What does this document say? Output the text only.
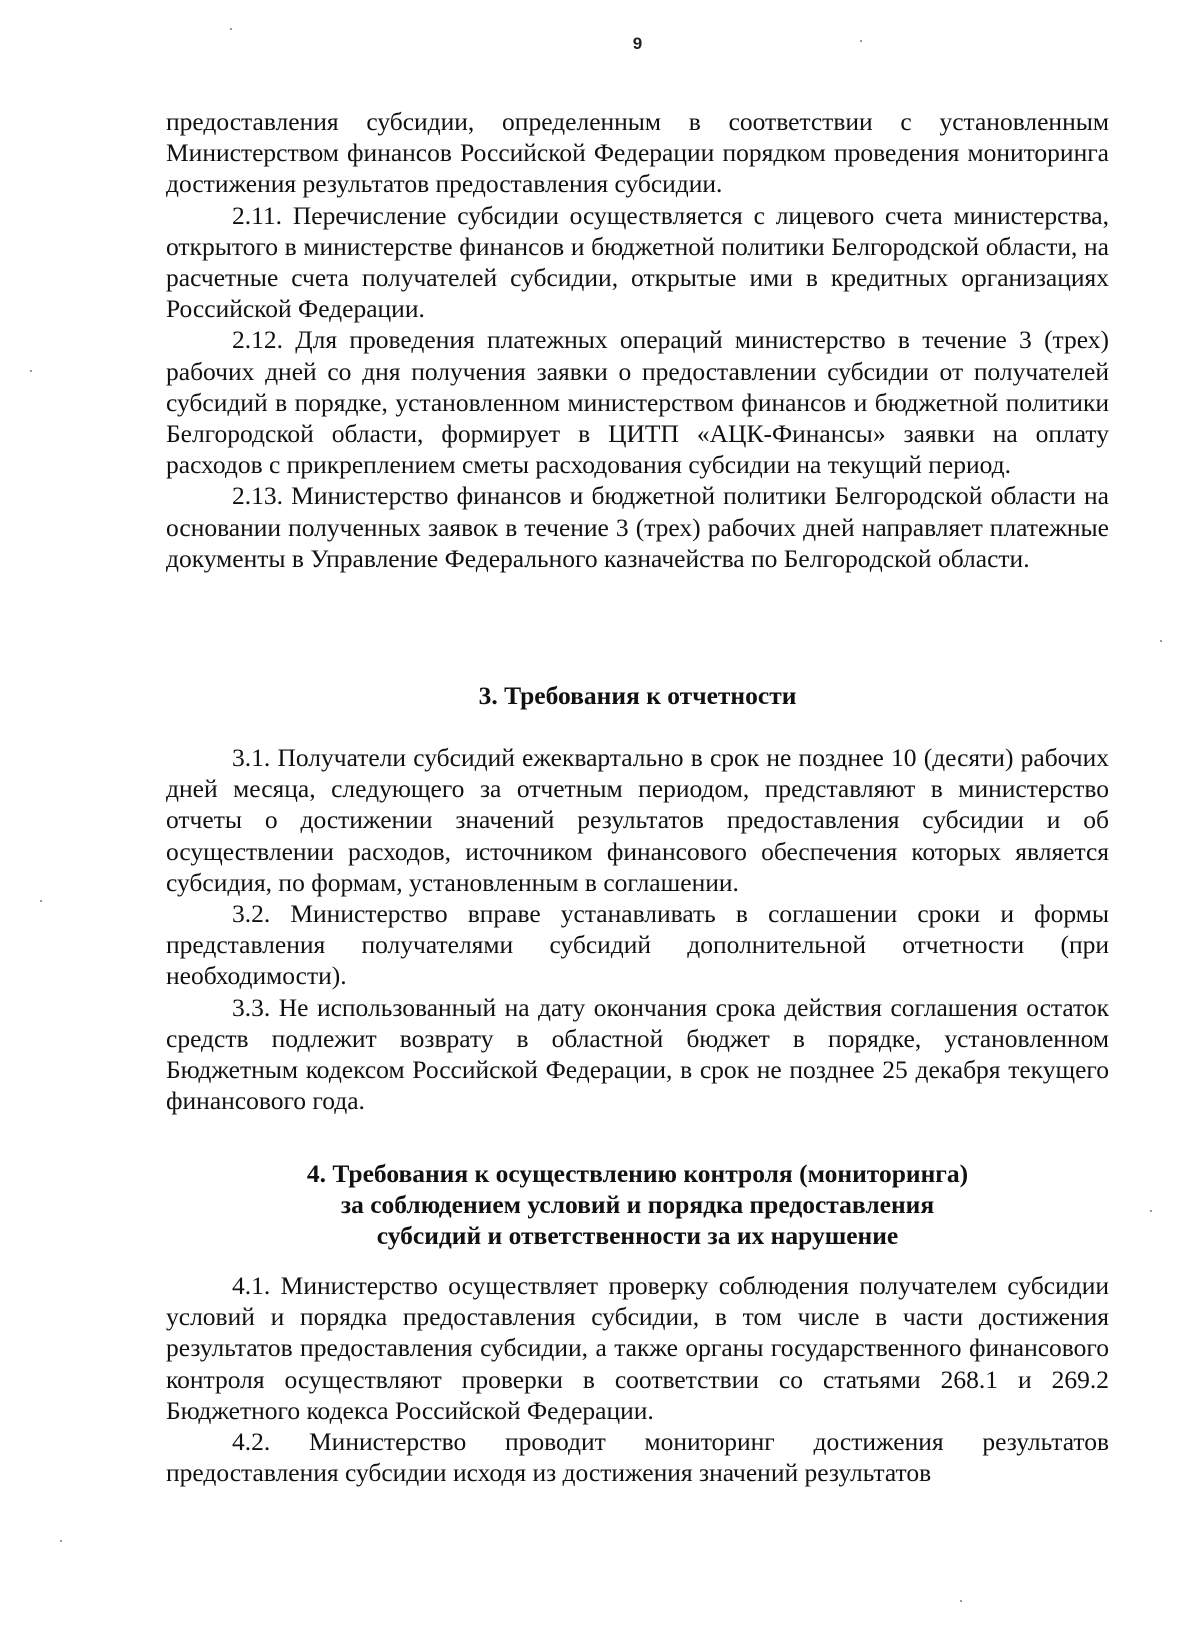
9

предоставления субсидии, определенным в соответствии с установленным Министерством финансов Российской Федерации порядком проведения мониторинга достижения результатов предоставления субсидии.

2.11. Перечисление субсидии осуществляется с лицевого счета министерства, открытого в министерстве финансов и бюджетной политики Белгородской области, на расчетные счета получателей субсидии, открытые ими в кредитных организациях Российской Федерации.

2.12. Для проведения платежных операций министерство в течение 3 (трех) рабочих дней со дня получения заявки о предоставлении субсидии от получателей субсидий в порядке, установленном министерством финансов и бюджетной политики Белгородской области, формирует в ЦИТП «АЦК-Финансы» заявки на оплату расходов с прикреплением сметы расходования субсидии на текущий период.

2.13. Министерство финансов и бюджетной политики Белгородской области на основании полученных заявок в течение 3 (трех) рабочих дней направляет платежные документы в Управление Федерального казначейства по Белгородской области.

3. Требования к отчетности

3.1. Получатели субсидий ежеквартально в срок не позднее 10 (десяти) рабочих дней месяца, следующего за отчетным периодом, представляют в министерство отчеты о достижении значений результатов предоставления субсидии и об осуществлении расходов, источником финансового обеспечения которых является субсидия, по формам, установленным в соглашении.

3.2. Министерство вправе устанавливать в соглашении сроки и формы представления получателями субсидий дополнительной отчетности (при необходимости).

3.3. Не использованный на дату окончания срока действия соглашения остаток средств подлежит возврату в областной бюджет в порядке, установленном Бюджетным кодексом Российской Федерации, в срок не позднее 25 декабря текущего финансового года.

4. Требования к осуществлению контроля (мониторинга)
за соблюдением условий и порядка предоставления
субсидий и ответственности за их нарушение

4.1. Министерство осуществляет проверку соблюдения получателем субсидии условий и порядка предоставления субсидии, в том числе в части достижения результатов предоставления субсидии, а также органы государственного финансового контроля осуществляют проверки в соответствии со статьями 268.1 и 269.2 Бюджетного кодекса Российской Федерации.

4.2. Министерство проводит мониторинг достижения результатов предоставления субсидии исходя из достижения значений результатов
